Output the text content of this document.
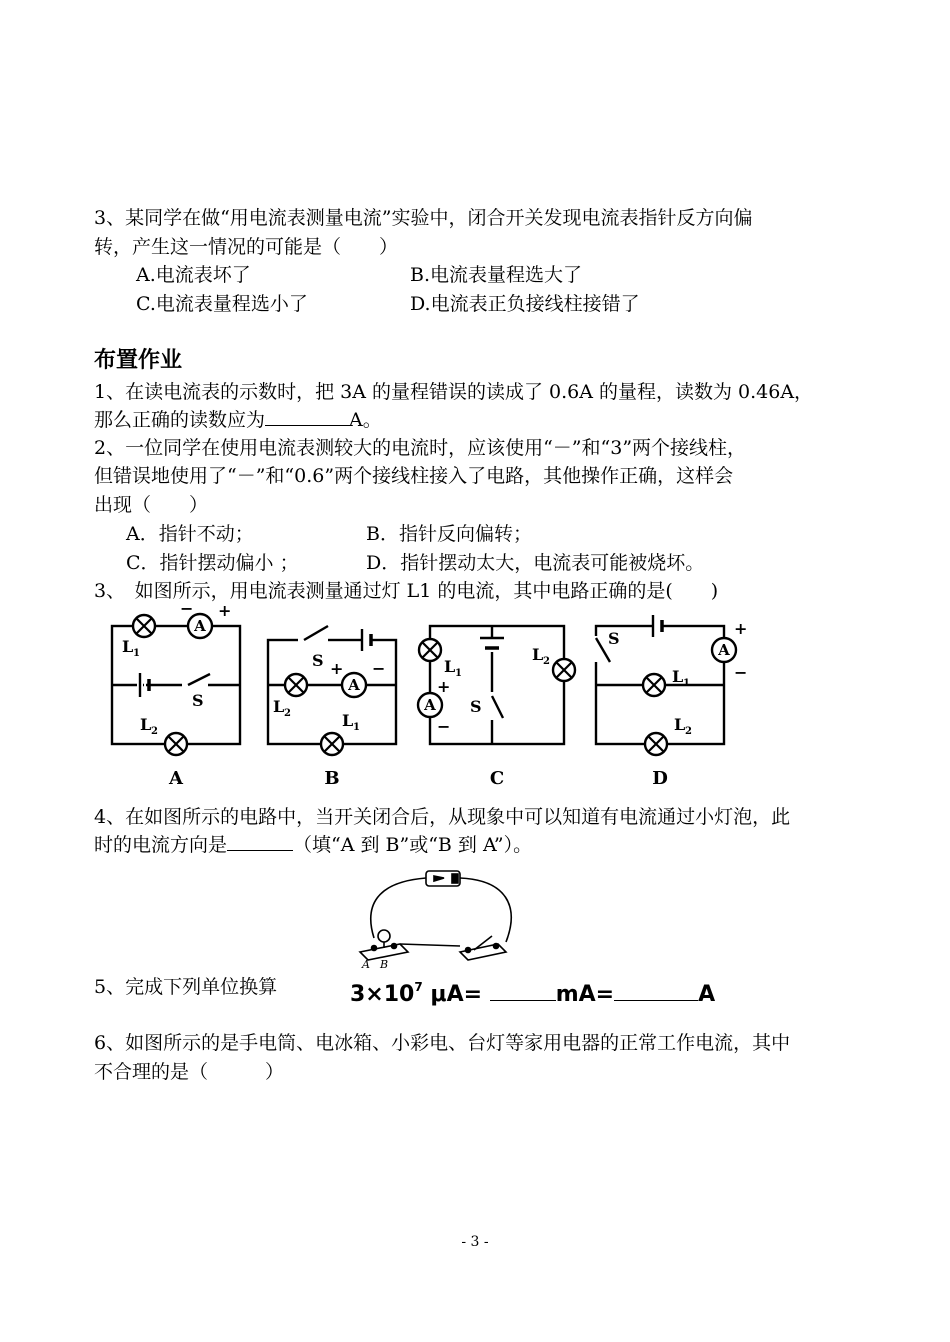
3、某同学在做“用电流表测量电流”实验中，闭合开关发现电流表指针反方向偏
转，产生这一情况的可能是（　　）
A.电流表坏了	B.电流表量程选大了
C.电流表量程选小了	D.电流表正负接线柱接错了
布置作业
1、在读电流表的示数时，把 3A 的量程错误的读成了 0.6A 的量程，读数为 0.46A，
那么正确的读数应为	A。
2、一位同学在使用电流表测较大的电流时，应该使用“－”和“3”两个接线柱，
但错误地使用了“－”和“0.6”两个接线柱接入了电路，其他操作正确，这样会
出现（　　）
A．指针不动；	B．指针反向偏转；
C．指针摆动偏小 ；	D．指针摆动太大，电流表可能被烧坏。
3、　如图所示，用电流表测量通过灯 L1 的电流，其中电路正确的是(　　)
A
A
A
A
− +
L 1
S
L 2
S + −
L 2	L 1
L 1
+
−
S
L 2
S
+
−
L 1
L 2
A	B	C	D
4、在如图所示的电路中，当开关闭合后，从现象中可以知道有电流通过小灯泡，此
时的电流方向是	（填“A 到 B”或“B 到 A”）。
A B
5、完成下列单位换算	$3\times 10^7$ μA=	mA=	A
6、如图所示的是手电筒、电冰箱、小彩电、台灯等家用电器的正常工作电流，其中
不合理的是（　　　）
- 3 -
